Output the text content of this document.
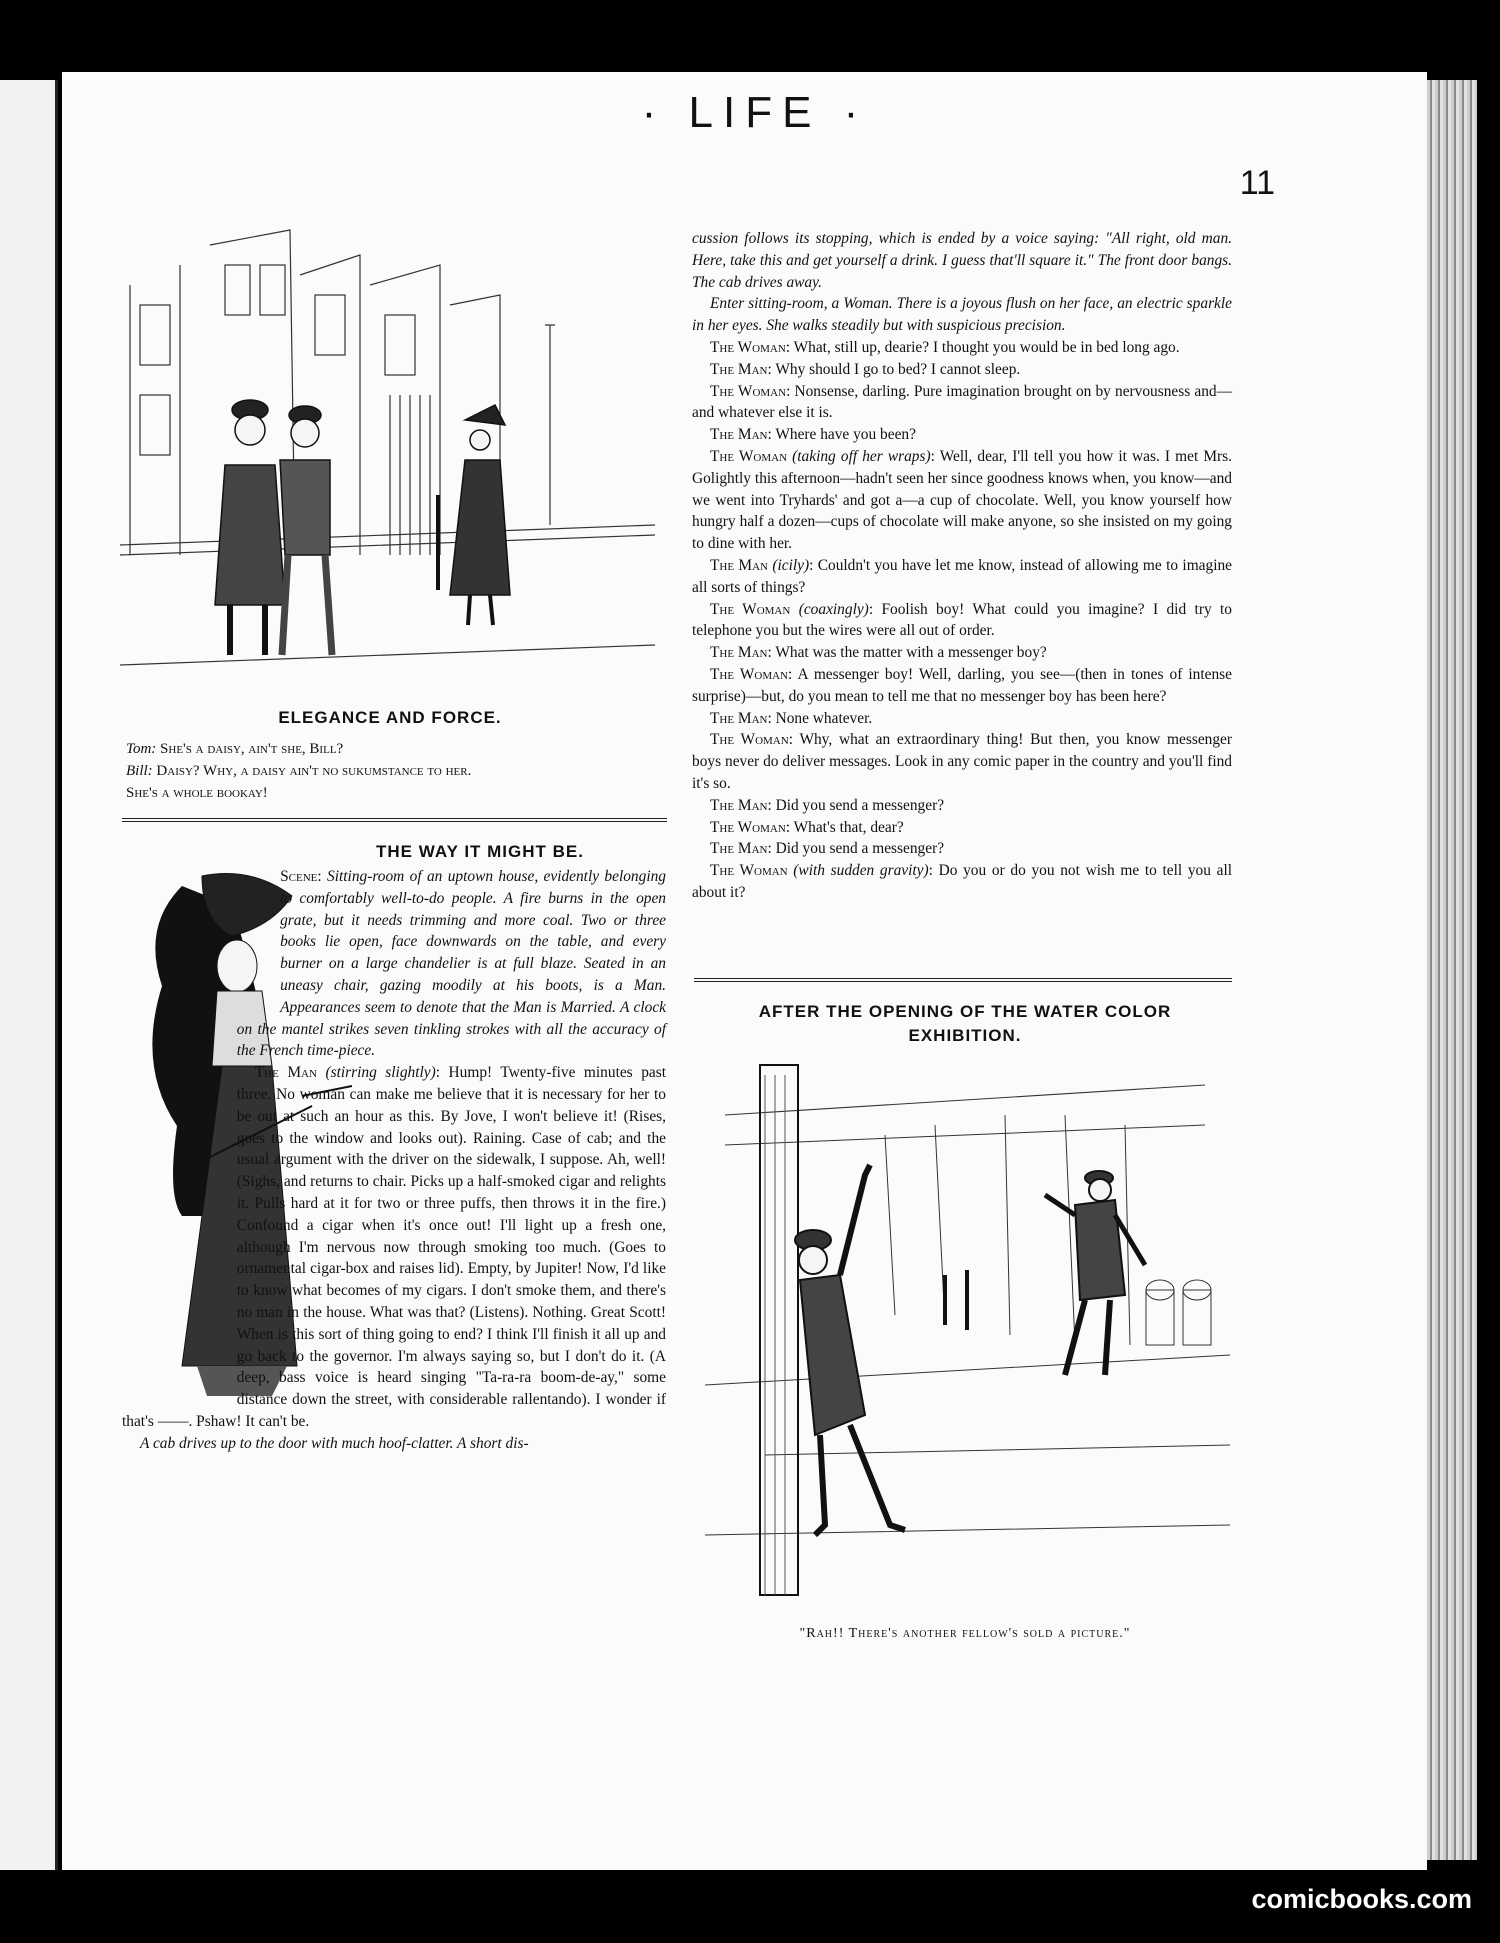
· LIFE ·
11
ELEGANCE AND FORCE.
Tom: She's a daisy, ain't she, Bill?
Bill: Daisy? Why, a daisy ain't no sukumstance to her.
She's a whole bookay!
THE WAY IT MIGHT BE.

Scene: Sitting-room of an uptown house, evidently belonging to comfortably well-to-do people. A fire burns in the open grate, but it needs trimming and more coal. Two or three books lie open, face downwards on the table, and every burner on a large chandelier is at full blaze. Seated in an uneasy chair, gazing moodily at his boots, is a Man. Appearances seem to denote that the Man is Married. A clock on the mantel strikes seven tinkling strokes with all the accuracy of the French time-piece.

The Man (stirring slightly): Hump! Twenty-five minutes past three. No woman can make me believe that it is necessary for her to be out at such an hour as this. By Jove, I won't believe it! (Rises, goes to the window and looks out). Raining. Case of cab; and the usual argument with the driver on the sidewalk, I suppose. Ah, well! (Sighs, and returns to chair. Picks up a half-smoked cigar and relights it. Pulls hard at it for two or three puffs, then throws it in the fire.) Confound a cigar when it's once out! I'll light up a fresh one, although I'm nervous now through smoking too much. (Goes to ornamental cigar-box and raises lid). Empty, by Jupiter! Now, I'd like to know what becomes of my cigars. I don't smoke them, and there's no man in the house. What was that? (Listens). Nothing. Great Scott! When is this sort of thing going to end? I think I'll finish it all up and go back to the governor. I'm always saying so, but I don't do it. (A deep, bass voice is heard singing "Ta-ra-ra boom-de-ay," some distance down the street, with considerable rallentando). I wonder if that's ——. Pshaw! It can't be.

A cab drives up to the door with much hoof-clatter. A short dis-

cussion follows its stopping, which is ended by a voice saying: "All right, old man. Here, take this and get yourself a drink. I guess that'll square it." The front door bangs. The cab drives away.

Enter sitting-room, a Woman. There is a joyous flush on her face, an electric sparkle in her eyes. She walks steadily but with suspicious precision.

The Woman: What, still up, dearie? I thought you would be in bed long ago.

The Man: Why should I go to bed? I cannot sleep.

The Woman: Nonsense, darling. Pure imagination brought on by nervousness and—and whatever else it is.

The Man: Where have you been?

The Woman (taking off her wraps): Well, dear, I'll tell you how it was. I met Mrs. Golightly this afternoon—hadn't seen her since goodness knows when, you know—and we went into Tryhards' and got a—a cup of chocolate. Well, you know yourself how hungry half a dozen—cups of chocolate will make anyone, so she insisted on my going to dine with her.

The Man (icily): Couldn't you have let me know, instead of allowing me to imagine all sorts of things?

The Woman (coaxingly): Foolish boy! What could you imagine? I did try to telephone you but the wires were all out of order.

The Man: What was the matter with a messenger boy?

The Woman: A messenger boy! Well, darling, you see—(then in tones of intense surprise)—but, do you mean to tell me that no messenger boy has been here?

The Man: None whatever.

The Woman: Why, what an extraordinary thing! But then, you know messenger boys never do deliver messages. Look in any comic paper in the country and you'll find it's so.

The Man: Did you send a messenger?

The Woman: What's that, dear?

The Man: Did you send a messenger?

The Woman (with sudden gravity): Do you or do you not wish me to tell you all about it?

AFTER THE OPENING OF THE WATER COLOR EXHIBITION.
"Rah!! There's another fellow's sold a picture."
comicbooks.com
